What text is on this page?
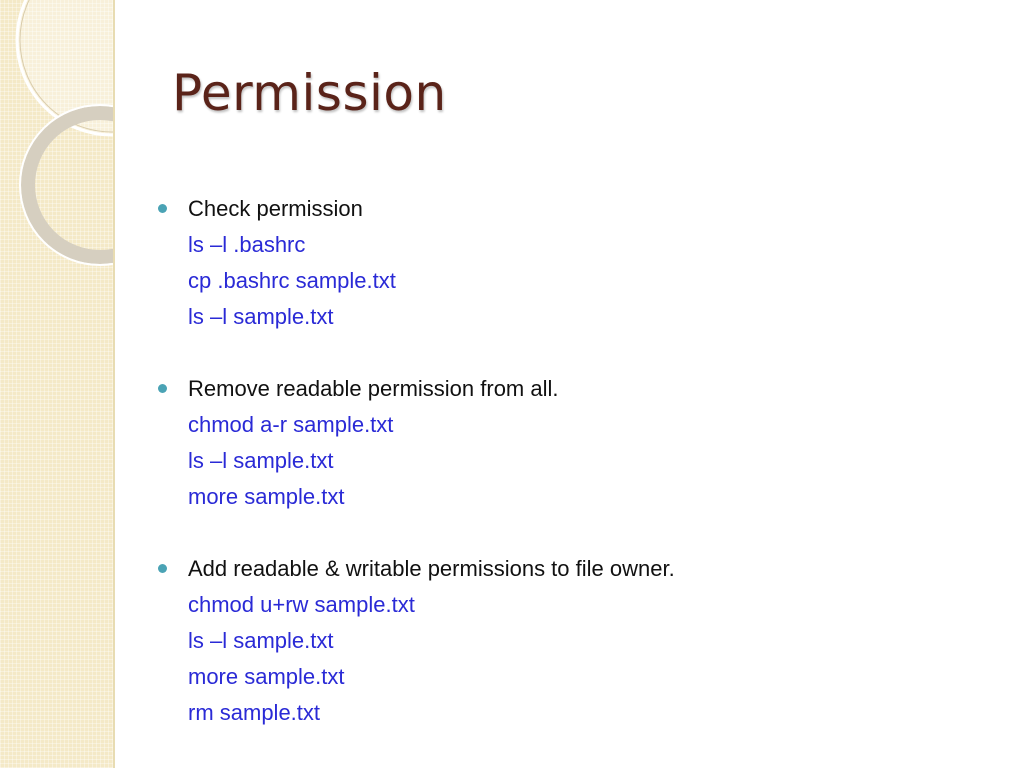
Permission
Check permission
ls –l .bashrc
cp .bashrc sample.txt
ls –l sample.txt
Remove readable permission from all.
chmod a-r sample.txt
ls –l sample.txt
more sample.txt
Add readable & writable permissions to file owner.
chmod u+rw sample.txt
ls –l sample.txt
more sample.txt
rm sample.txt
